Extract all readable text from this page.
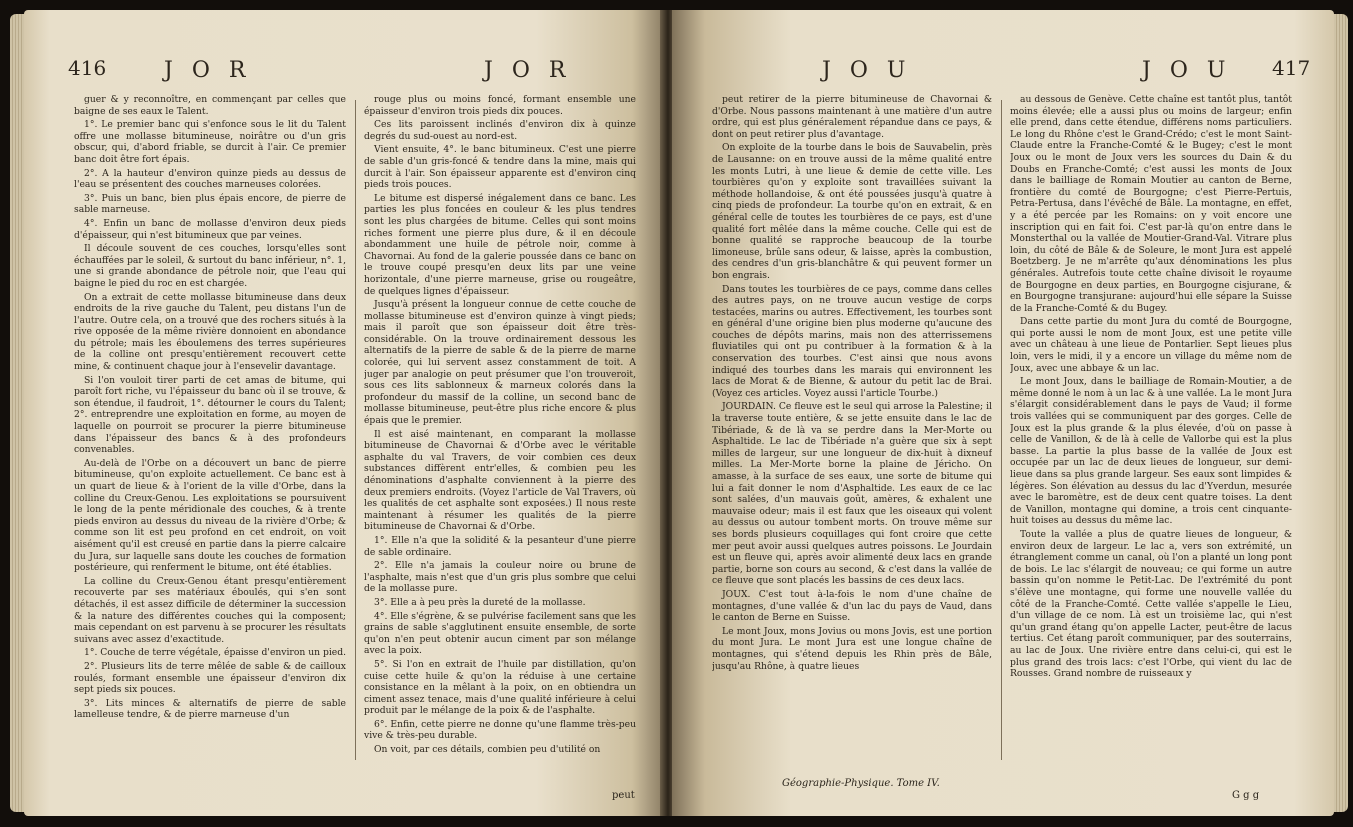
416	J O R	J O R

guer & y reconnoître, en commençant par celles que baigne de ses eaux le Talent.

1°. Le premier banc qui s'enfonce sous le lit du Talent offre une mollasse bitumineuse, noirâtre ou d'un gris obscur, qui, d'abord friable, se durcit à l'air. Ce premier banc doit être fort épais.

2°. A la hauteur d'environ quinze pieds au dessus de l'eau se présentent des couches marneuses colorées.

3°. Puis un banc, bien plus épais encore, de pierre de sable marneuse.

4°. Enfin un banc de mollasse d'environ deux pieds d'épaisseur, qui n'est bitumineux que par veines.

Il découle souvent de ces couches, lorsqu'elles sont échauffées par le soleil, & surtout du banc inférieur, n°. 1, une si grande abondance de pétrole noir, que l'eau qui baigne le pied du roc en est chargée.

On a extrait de cette mollasse bitumineuse dans deux endroits de la rive gauche du Talent, peu distans l'un de l'autre. Outre cela, on a trouvé que des rochers situés à la rive opposée de la même rivière donnoient en abondance du pétrole; mais les éboulemens des terres supérieures de la colline ont presqu'entièrement recouvert cette mine, & continuent chaque jour à l'ensevelir davantage.

Si l'on vouloit tirer parti de cet amas de bitume, qui paroît fort riche, vu l'épaisseur du banc où il se trouve, & son étendue, il faudroit, 1°. détourner le cours du Talent; 2°. entreprendre une exploitation en forme, au moyen de laquelle on pourroit se procurer la pierre bitumineuse dans l'épaisseur des bancs & à des profondeurs convenables.

Au-delà de l'Orbe on a découvert un banc de pierre bitumineuse, qu'on exploite actuellement. Ce banc est à un quart de lieue & à l'orient de la ville d'Orbe, dans la colline du Creux-Genou. Les exploitations se poursuivent le long de la pente méridionale des couches, & à trente pieds environ au dessus du niveau de la rivière d'Orbe; & comme son lit est peu profond en cet endroit, on voit aisément qu'il est creusé en partie dans la pierre calcaire du Jura, sur laquelle sans doute les couches de formation postérieure, qui renferment le bitume, ont été établies.

La colline du Creux-Genou étant presqu'entièrement recouverte par ses matériaux éboulés, qui s'en sont détachés, il est assez difficile de déterminer la succession & la nature des différentes couches qui la composent; mais cependant on est parvenu à se procurer les résultats suivans avec assez d'exactitude.

1°. Couche de terre végétale, épaisse d'environ un pied.

2°. Plusieurs lits de terre mêlée de sable & de cailloux roulés, formant ensemble une épaisseur d'environ dix sept pieds six pouces.

3°. Lits minces & alternatifs de pierre de sable lamelleuse tendre, & de pierre marneuse d'un

rouge plus ou moins foncé, formant ensemble une épaisseur d'environ trois pieds dix pouces.

Ces lits paroissent inclinés d'environ dix à quinze degrés du sud-ouest au nord-est.

Vient ensuite, 4°. le banc bitumineux. C'est une pierre de sable d'un gris-foncé & tendre dans la mine, mais qui durcit à l'air. Son épaisseur apparente est d'environ cinq pieds trois pouces.

Le bitume est dispersé inégalement dans ce banc. Les parties les plus foncées en couleur & les plus tendres sont les plus chargées de bitume. Celles qui sont moins riches forment une pierre plus dure, & il en découle abondamment une huile de pétrole noir, comme à Chavornai. Au fond de la galerie poussée dans ce banc on le trouve coupé presqu'en deux lits par une veine horizontale, d'une pierre marneuse, grise ou rougeâtre, de quelques lignes d'épaisseur.

Jusqu'à présent la longueur connue de cette couche de mollasse bitumineuse est d'environ quinze à vingt pieds; mais il paroît que son épaisseur doit être très-considérable. On la trouve ordinairement dessous les alternatifs de la pierre de sable & de la pierre de marne colorée, qui lui servent assez constamment de toit. A juger par analogie on peut présumer que l'on trouveroit, sous ces lits sablonneux & marneux colorés dans la profondeur du massif de la colline, un second banc de mollasse bitumineuse, peut-être plus riche encore & plus épais que le premier.

Il est aisé maintenant, en comparant la mollasse bitumineuse de Chavornai & d'Orbe avec le véritable asphalte du val Travers, de voir combien ces deux substances diffèrent entr'elles, & combien peu les dénominations d'asphalte conviennent à la pierre des deux premiers endroits. (Voyez l'article de Val Travers, où les qualités de cet asphalte sont exposées.) Il nous reste maintenant à résumer les qualités de la pierre bitumineuse de Chavornai & d'Orbe.

1°. Elle n'a que la solidité & la pesanteur d'une pierre de sable ordinaire.

2°. Elle n'a jamais la couleur noire ou brune de l'asphalte, mais n'est que d'un gris plus sombre que celui de la mollasse pure.

3°. Elle a à peu près la dureté de la mollasse.

4°. Elle s'égrène, & se pulvérise facilement sans que les grains de sable s'agglutinent ensuite ensemble, de sorte qu'on n'en peut obtenir aucun ciment par son mélange avec la poix.

5°. Si l'on en extrait de l'huile par distillation, qu'on cuise cette huile & qu'on la réduise à une certaine consistance en la mêlant à la poix, on en obtiendra un ciment assez tenace, mais d'une qualité inférieure à celui produit par le mélange de la poix & de l'asphalte.

6°. Enfin, cette pierre ne donne qu'une flamme très-peu vive & très-peu durable.

On voit, par ces détails, combien peu d'utilité on

peut
J O U	J O U 417

peut retirer de la pierre bitumineuse de Chavornai & d'Orbe. Nous passons maintenant à une matière d'un autre ordre, qui est plus généralement répandue dans ce pays, & dont on peut retirer plus d'avantage.

On exploite de la tourbe dans le bois de Sauvabelin, près de Lausanne: on en trouve aussi de la même qualité entre les monts Lutri, à une lieue & demie de cette ville. Les tourbières qu'on y exploite sont travaillées suivant la méthode hollandoise, & ont été poussées jusqu'à quatre à cinq pieds de profondeur. La tourbe qu'on en extrait, & en général celle de toutes les tourbières de ce pays, est d'une qualité fort mêlée dans la même couche. Celle qui est de bonne qualité se rapproche beaucoup de la tourbe limoneuse, brûle sans odeur, & laisse, après la combustion, des cendres d'un gris-blanchâtre & qui peuvent former un bon engrais.

Dans toutes les tourbières de ce pays, comme dans celles des autres pays, on ne trouve aucun vestige de corps testacées, marins ou autres. Effectivement, les tourbes sont en général d'une origine bien plus moderne qu'aucune des couches de dépôts marins, mais non des atterrissemens fluviatiles qui ont pu contribuer à la formation & à la conservation des tourbes. C'est ainsi que nous avons indiqué des tourbes dans les marais qui environnent les lacs de Morat & de Bienne, & autour du petit lac de Brai. (Voyez ces articles. Voyez aussi l'article Tourbe.)

JOURDAIN. Ce fleuve est le seul qui arrose la Palestine; il la traverse toute entière, & se jette ensuite dans le lac de Tibériade, & de là va se perdre dans la Mer-Morte ou Asphaltide. Le lac de Tibériade n'a guère que six à sept milles de largeur, sur une longueur de dix-huit à dixneuf milles. La Mer-Morte borne la plaine de Jéricho. On amasse, à la surface de ses eaux, une sorte de bitume qui lui a fait donner le nom d'Asphaltide. Les eaux de ce lac sont salées, d'un mauvais goût, amères, & exhalent une mauvaise odeur; mais il est faux que les oiseaux qui volent au dessus ou autour tombent morts. On trouve même sur ses bords plusieurs coquillages qui font croire que cette mer peut avoir aussi quelques autres poissons. Le Jourdain est un fleuve qui, après avoir alimenté deux lacs en grande partie, borne son cours au second, & c'est dans la vallée de ce fleuve que sont placés les bassins de ces deux lacs.

JOUX. C'est tout à-la-fois le nom d'une chaîne de montagnes, d'une vallée & d'un lac du pays de Vaud, dans le canton de Berne en Suisse.

Le mont Joux, mons Jovius ou mons Jovis, est une portion du mont Jura. Le mont Jura est une longue chaîne de montagnes, qui s'étend depuis les Rhin près de Bâle, jusqu'au Rhône, à quatre lieues

au dessous de Genève. Cette chaîne est tantôt plus, tantôt moins élevée; elle a aussi plus ou moins de largeur; enfin elle prend, dans cette étendue, différens noms particuliers. Le long du Rhône c'est le Grand-Crédo; c'est le mont Saint-Claude entre la Franche-Comté & le Bugey; c'est le mont Joux ou le mont de Joux vers les sources du Dain & du Doubs en Franche-Comté; c'est aussi les monts de Joux dans le bailliage de Romain Moutier au canton de Berne, frontière du comté de Bourgogne; c'est Pierre-Pertuis, Petra-Pertusa, dans l'évêché de Bâle. La montagne, en effet, y a été percée par les Romains: on y voit encore une inscription qui en fait foi. C'est par-là qu'on entre dans le Monsterthal ou la vallée de Moutier-Grand-Val. Vitrare plus loin, du côté de Bâle & de Soleure, le mont Jura est appelé Boetzberg. Je ne m'arrête qu'aux dénominations les plus générales. Autrefois toute cette chaîne divisoit le royaume de Bourgogne en deux parties, en Bourgogne cisjurane, & en Bourgogne transjurane: aujourd'hui elle sépare la Suisse de la Franche-Comté & du Bugey.

Dans cette partie du mont Jura du comté de Bourgogne, qui porte aussi le nom de mont Joux, est une petite ville avec un château à une lieue de Pontarlier. Sept lieues plus loin, vers le midi, il y a encore un village du même nom de Joux, avec une abbaye & un lac.

Le mont Joux, dans le bailliage de Romain-Moutier, a de même donné le nom à un lac & à une vallée. La le mont Jura s'élargit considérablement dans le pays de Vaud; il forme trois vallées qui se communiquent par des gorges. Celle de Joux est la plus grande & la plus élevée, d'où on passe à celle de Vanillon, & de là à celle de Vallorbe qui est la plus basse. La partie la plus basse de la vallée de Joux est occupée par un lac de deux lieues de longueur, sur demi-lieue dans sa plus grande largeur. Ses eaux sont limpides & légères. Son élévation au dessus du lac d'Yverdun, mesurée avec le baromètre, est de deux cent quatre toises. La dent de Vanillon, montagne qui domine, a trois cent cinquante-huit toises au dessus du même lac.

Toute la vallée a plus de quatre lieues de longueur, & environ deux de largeur. Le lac a, vers son extrémité, un étranglement comme un canal, où l'on a planté un long pont de bois. Le lac s'élargit de nouveau; ce qui forme un autre bassin qu'on nomme le Petit-Lac. De l'extrémité du pont s'élève une montagne, qui forme une nouvelle vallée du côté de la Franche-Comté. Cette vallée s'appelle le Lieu, d'un village de ce nom. Là est un troisième lac, qui n'est qu'un grand étang qu'on appelle Lacter, peut-être de lacus tertius. Cet étang paroît communiquer, par des souterrains, au lac de Joux. Une rivière entre dans celui-ci, qui est le plus grand des trois lacs: c'est l'Orbe, qui vient du lac de Rousses. Grand nombre de ruisseaux y

Géographie-Physique. Tome IV.
G g g
